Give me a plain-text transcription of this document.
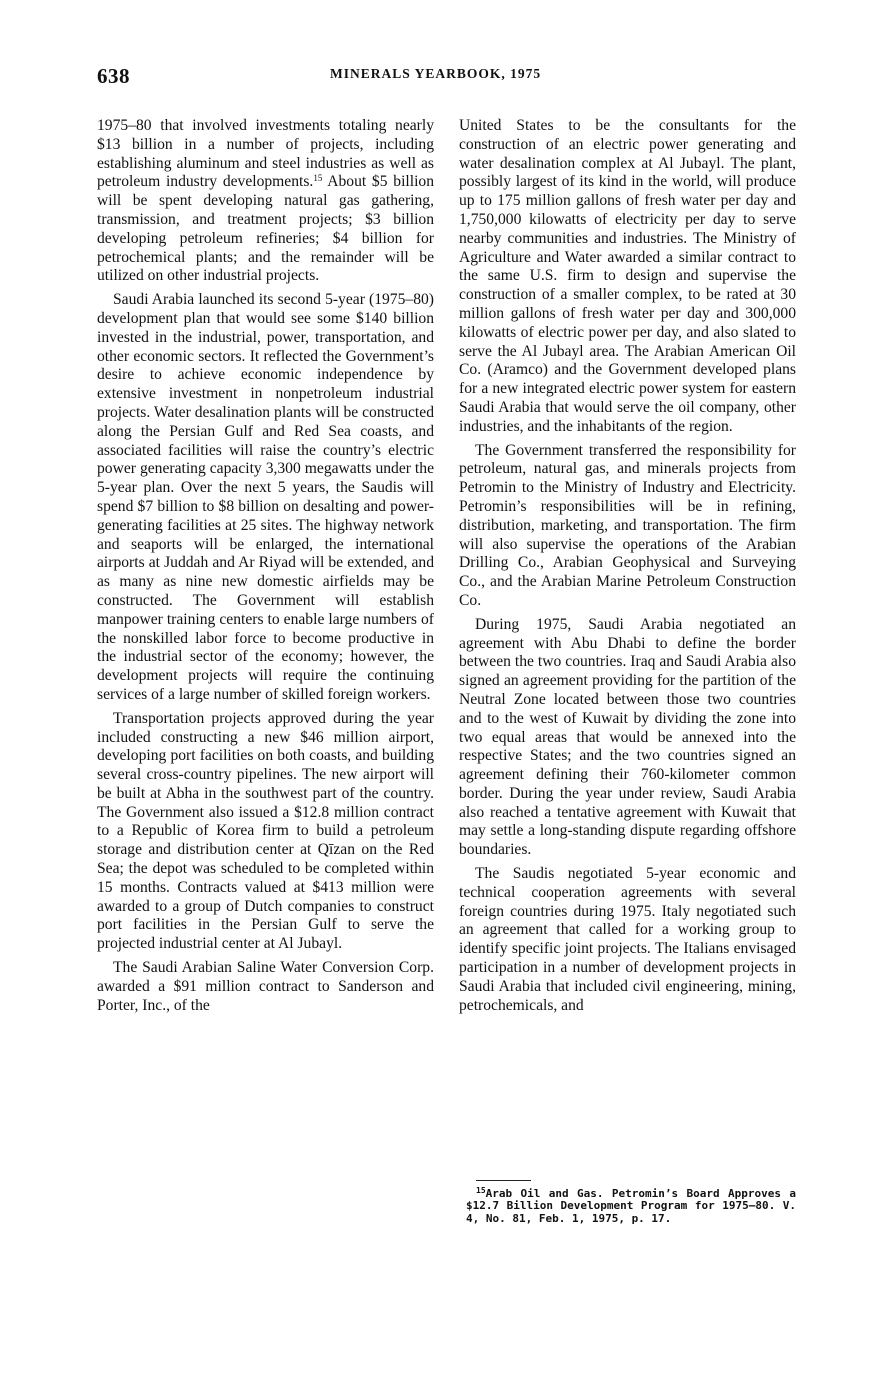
638	MINERALS YEARBOOK, 1975

1975–80 that involved investments totaling nearly $13 billion in a number of projects, including establishing aluminum and steel industries as well as petroleum industry developments.$^{15}$ About $5 billion will be spent developing natural gas gathering, transmission, and treatment projects; $3 billion developing petroleum refineries; $4 billion for petrochemical plants; and the remainder will be utilized on other industrial projects.

Saudi Arabia launched its second 5-year (1975–80) development plan that would see some $140 billion invested in the industrial, power, transportation, and other economic sectors. It reflected the Government’s desire to achieve economic independence by extensive investment in nonpetroleum industrial projects. Water desalination plants will be constructed along the Persian Gulf and Red Sea coasts, and associated facilities will raise the country’s electric power generating capacity 3,300 megawatts under the 5-year plan. Over the next 5 years, the Saudis will spend $7 billion to $8 billion on desalting and power-generating facilities at 25 sites. The highway network and seaports will be enlarged, the international airports at Juddah and Ar Riyad will be extended, and as many as nine new domestic airfields may be constructed. The Government will establish manpower training centers to enable large numbers of the nonskilled labor force to become productive in the industrial sector of the economy; however, the development projects will require the continuing services of a large number of skilled foreign workers.

Transportation projects approved during the year included constructing a new $46 million airport, developing port facilities on both coasts, and building several cross-country pipelines. The new airport will be built at Abha in the southwest part of the country. The Government also issued a $12.8 million contract to a Republic of Korea firm to build a petroleum storage and distribution center at Qīzan on the Red Sea; the depot was scheduled to be completed within 15 months. Contracts valued at $413 million were awarded to a group of Dutch companies to construct port facilities in the Persian Gulf to serve the projected industrial center at Al Jubayl.

The Saudi Arabian Saline Water Conversion Corp. awarded a $91 million contract to Sanderson and Porter, Inc., of the

United States to be the consultants for the construction of an electric power generating and water desalination complex at Al Jubayl. The plant, possibly largest of its kind in the world, will produce up to 175 million gallons of fresh water per day and 1,750,000 kilowatts of electricity per day to serve nearby communities and industries. The Ministry of Agriculture and Water awarded a similar contract to the same U.S. firm to design and supervise the construction of a smaller complex, to be rated at 30 million gallons of fresh water per day and 300,000 kilowatts of electric power per day, and also slated to serve the Al Jubayl area. The Arabian American Oil Co. (Aramco) and the Government developed plans for a new integrated electric power system for eastern Saudi Arabia that would serve the oil company, other industries, and the inhabitants of the region.

The Government transferred the responsibility for petroleum, natural gas, and minerals projects from Petromin to the Ministry of Industry and Electricity. Petromin’s responsibilities will be in refining, distribution, marketing, and transportation. The firm will also supervise the operations of the Arabian Drilling Co., Arabian Geophysical and Surveying Co., and the Arabian Marine Petroleum Construction Co.

During 1975, Saudi Arabia negotiated an agreement with Abu Dhabi to define the border between the two countries. Iraq and Saudi Arabia also signed an agreement providing for the partition of the Neutral Zone located between those two countries and to the west of Kuwait by dividing the zone into two equal areas that would be annexed into the respective States; and the two countries signed an agreement defining their 760-kilometer common border. During the year under review, Saudi Arabia also reached a tentative agreement with Kuwait that may settle a long-standing dispute regarding offshore boundaries.

The Saudis negotiated 5-year economic and technical cooperation agreements with several foreign countries during 1975. Italy negotiated such an agreement that called for a working group to identify specific joint projects. The Italians envisaged participation in a number of development projects in Saudi Arabia that included civil engineering, mining, petrochemicals, and

$^{15}$Arab Oil and Gas. Petromin’s Board Approves a $12.7 Billion Development Program for 1975–80. V. 4, No. 81, Feb. 1, 1975, p. 17.
